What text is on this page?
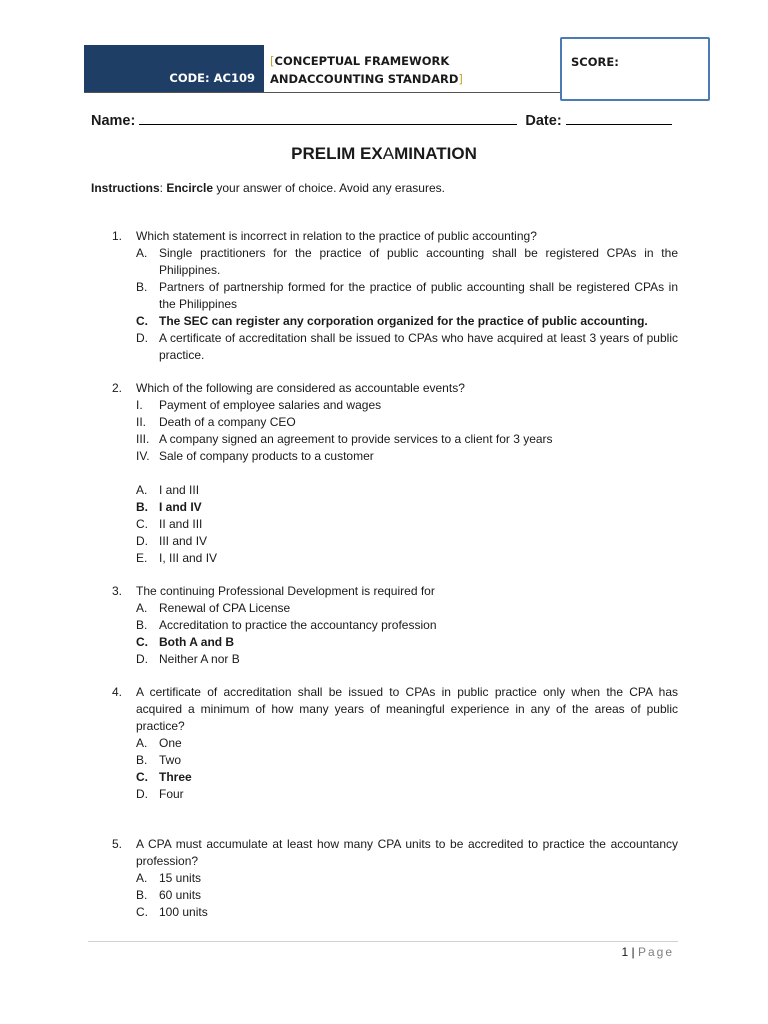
CODE: AC109
[CONCEPTUAL FRAMEWORK
ANDACCOUNTING STANDARD]
SCORE:
Name:	Date:
PRELIM EXAMINATION
Instructions: Encircle your answer of choice. Avoid any erasures.
1.	Which statement is incorrect in relation to the practice of public accounting?
A. Single practitioners for the practice of public accounting shall be registered CPAs in the Philippines.
B. Partners of partnership formed for the practice of public accounting shall be registered CPAs in the Philippines
C. The SEC can register any corporation organized for the practice of public accounting.
D. A certificate of accreditation shall be issued to CPAs who have acquired at least 3 years of public practice.
2.	Which of the following are considered as accountable events?
I.	Payment of employee salaries and wages
II.	Death of a company CEO
III. A company signed an agreement to provide services to a client for 3 years
IV. Sale of company products to a customer
A. I and III
B. I and IV
C. II and III
D. III and IV
E. I, III and IV
3.	The continuing Professional Development is required for
A. Renewal of CPA License
B. Accreditation to practice the accountancy profession
C. Both A and B
D. Neither A nor B
4.	A certificate of accreditation shall be issued to CPAs in public practice only when the CPA has acquired a minimum of how many years of meaningful experience in any of the areas of public practice?
A. One
B. Two
C. Three
D. Four
5.	A CPA must accumulate at least how many CPA units to be accredited to practice the accountancy profession?
A. 15 units
B. 60 units
C. 100 units
1 | Page
